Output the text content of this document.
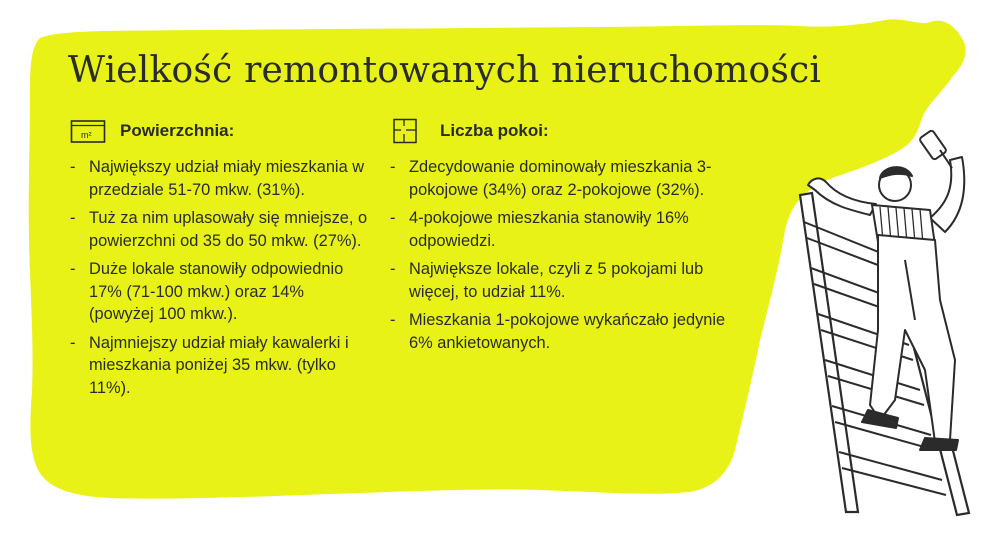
Wielkość remontowanych nieruchomości
m² Powierzchnia:
- Największy udział miały mieszkania w przedziale 51-70 mkw. (31%).
- Tuż za nim uplasowały się mniejsze, o powierzchni od 35 do 50 mkw. (27%).
- Duże lokale stanowiły odpowiednio 17% (71-100 mkw.) oraz 14% (powyżej 100 mkw.).
- Najmniejszy udział miały kawalerki i mieszkania poniżej 35 mkw. (tylko 11%).
Liczba pokoi:
- Zdecydowanie dominowały mieszkania 3-pokojowe (34%) oraz 2-pokojowe (32%).
- 4-pokojowe mieszkania stanowiły 16% odpowiedzi.
- Największe lokale, czyli z 5 pokojami lub więcej, to udział 11%.
- Mieszkania 1-pokojowe wykańczało jedynie 6% ankietowanych.
